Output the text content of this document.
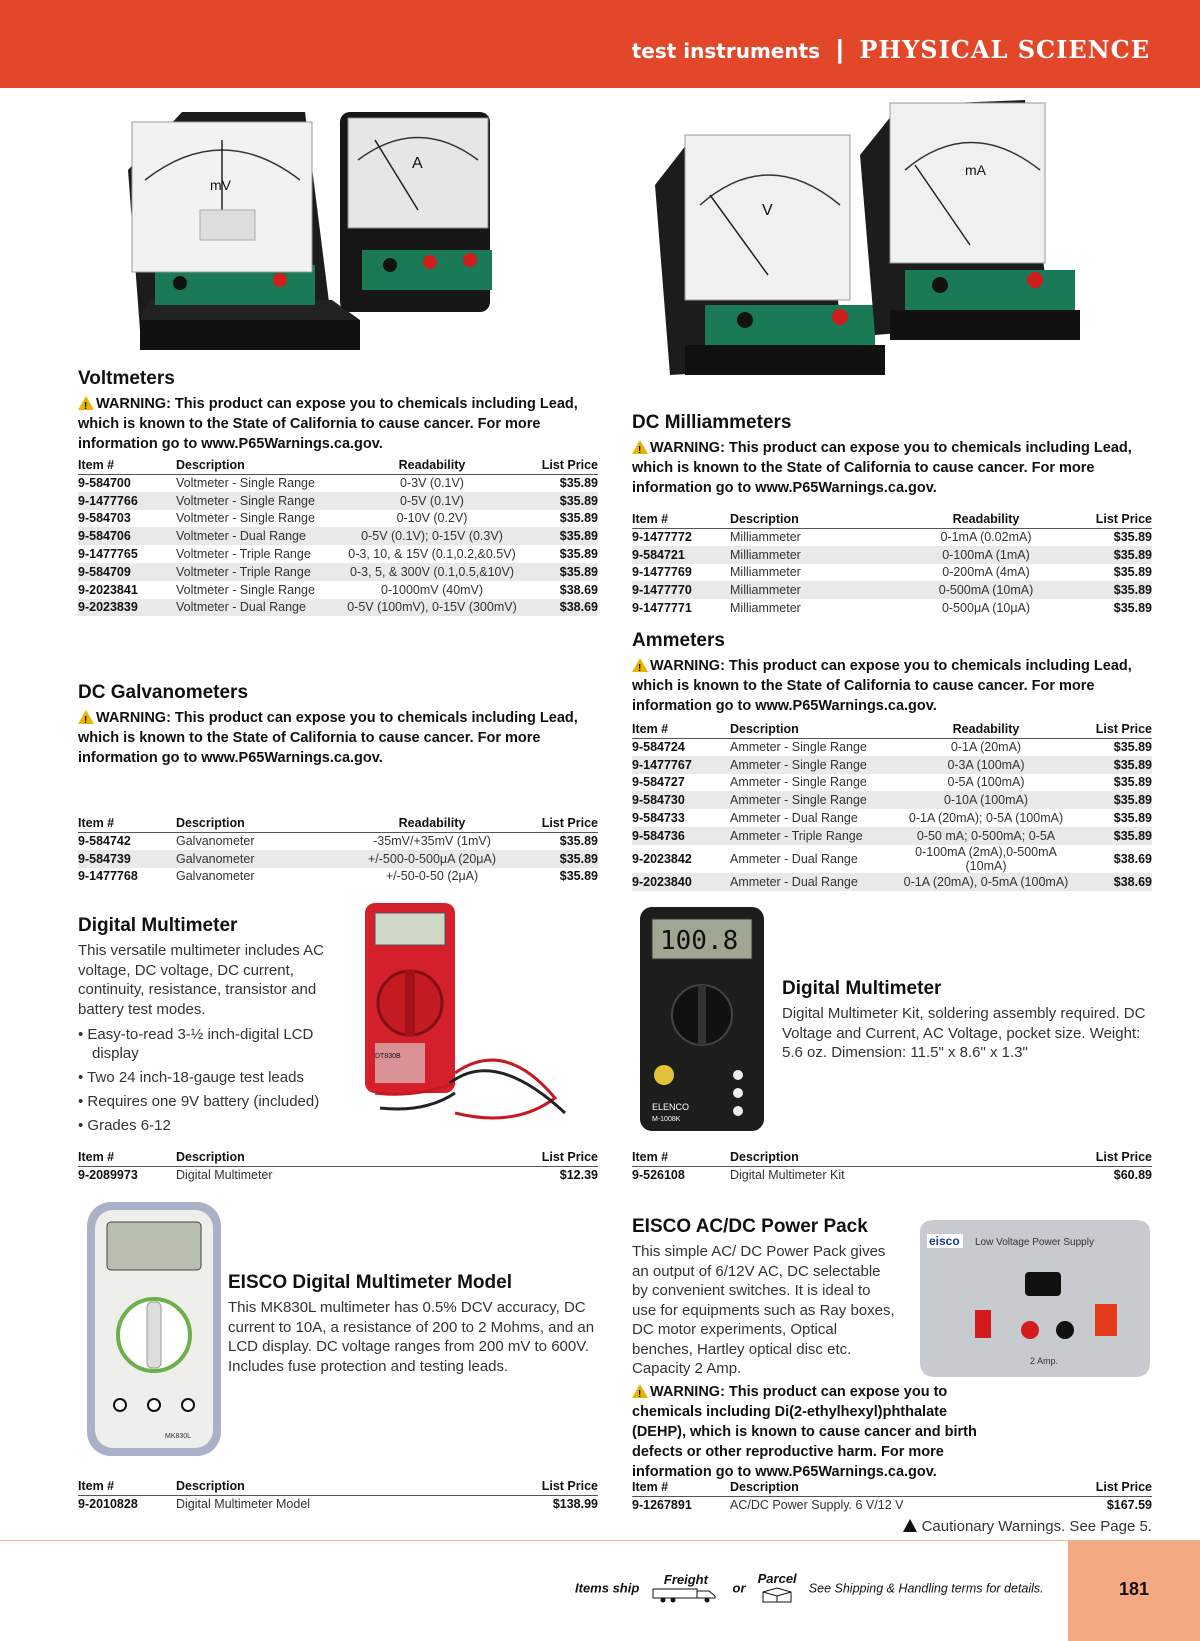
test instruments | PHYSICAL SCIENCE
mV
A
V
mA
Voltmeters

!WARNING: This product can expose you to chemicals including Lead, which is known to the State of California to cause cancer. For more information go to www.P65Warnings.ca.gov.

Item #	Description	Readability	List Price
9-584700	Voltmeter - Single Range	0-3V (0.1V)	$35.89
9-1477766	Voltmeter - Single Range	0-5V (0.1V)	$35.89
9-584703	Voltmeter - Single Range	0-10V (0.2V)	$35.89
9-584706	Voltmeter - Dual Range	0-5V (0.1V); 0-15V (0.3V)	$35.89
9-1477765	Voltmeter - Triple Range	0-3, 10, & 15V (0.1,0.2,&0.5V)	$35.89
9-584709	Voltmeter - Triple Range	0-3, 5, & 300V (0.1,0.5,&10V)	$35.89
9-2023841	Voltmeter - Single Range	0-1000mV (40mV)	$38.69
9-2023839	Voltmeter - Dual Range	0-5V (100mV), 0-15V (300mV)	$38.69
DC Milliammeters

!WARNING: This product can expose you to chemicals including Lead, which is known to the State of California to cause cancer. For more information go to www.P65Warnings.ca.gov.

Item #	Description	Readability	List Price
9-1477772	Milliammeter	0-1mA (0.02mA)	$35.89
9-584721	Milliammeter	0-100mA (1mA)	$35.89
9-1477769	Milliammeter	0-200mA (4mA)	$35.89
9-1477770	Milliammeter	0-500mA (10mA)	$35.89
9-1477771	Milliammeter	0-500μA (10μA)	$35.89
Ammeters

!WARNING: This product can expose you to chemicals including Lead, which is known to the State of California to cause cancer. For more information go to www.P65Warnings.ca.gov.

Item #	Description	Readability	List Price
9-584724	Ammeter - Single Range	0-1A (20mA)	$35.89
9-1477767	Ammeter - Single Range	0-3A (100mA)	$35.89
9-584727	Ammeter - Single Range	0-5A (100mA)	$35.89
9-584730	Ammeter - Single Range	0-10A (100mA)	$35.89
9-584733	Ammeter - Dual Range	0-1A (20mA); 0-5A (100mA)	$35.89
9-584736	Ammeter - Triple Range	0-50 mA; 0-500mA; 0-5A	$35.89
9-2023842	Ammeter - Dual Range	0-100mA (2mA),0-500mA (10mA)	$38.69
9-2023840	Ammeter - Dual Range	0-1A (20mA), 0-5mA (100mA)	$38.69
DC Galvanometers

!WARNING: This product can expose you to chemicals including Lead, which is known to the State of California to cause cancer. For more information go to www.P65Warnings.ca.gov.

Item #	Description	Readability	List Price
9-584742	Galvanometer	-35mV/+35mV (1mV)	$35.89
9-584739	Galvanometer	+/-500-0-500μA (20μA)	$35.89
9-1477768	Galvanometer	+/-50-0-50 (2μA)	$35.89
Digital Multimeter

This versatile multimeter includes AC voltage, DC voltage, DC current, continuity, resistance, transistor and battery test modes.

• Easy-to-read 3-½ inch-digital LCD display
• Two 24 inch-18-gauge test leads
• Requires one 9V battery (included)
• Grades 6-12
DT830B
Item #	Description	List Price
9-2089973	Digital Multimeter	$12.39
100.8
ELENCO
M-1008K
Digital Multimeter

Digital Multimeter Kit, soldering assembly required. DC Voltage and Current, AC Voltage, pocket size. Weight: 5.6 oz. Dimension: 11.5" x 8.6" x 1.3"

Item #	Description	List Price
9-526108	Digital Multimeter Kit	$60.89
MK830L
EISCO Digital Multimeter Model

This MK830L multimeter has 0.5% DCV accuracy, DC current to 10A, a resistance of 200 to 2 Mohms, and an LCD display. DC voltage ranges from 200 mV to 600V. Includes fuse protection and testing leads.

Item #	Description	List Price
9-2010828	Digital Multimeter Model	$138.99
EISCO AC/DC Power Pack

This simple AC/ DC Power Pack gives an output of 6/12V AC, DC selectable by convenient switches. It is ideal to use for equipments such as Ray boxes, DC motor experiments, Optical benches, Hartley optical disc etc. Capacity 2 Amp.

!WARNING: This product can expose you to chemicals including Di(2-ethylhexyl)phthalate (DEHP), which is known to cause cancer and birth defects or other reproductive harm. For more information go to www.P65Warnings.ca.gov.

eisco Low Voltage Power Supply
2 Amp.
Item #	Description	List Price
9-1267891	AC/DC Power Supply. 6 V/12 V	$167.59
Cautionary Warnings. See Page 5.
Items ship
Freight
or
Parcel
See Shipping & Handling terms for details.	181
